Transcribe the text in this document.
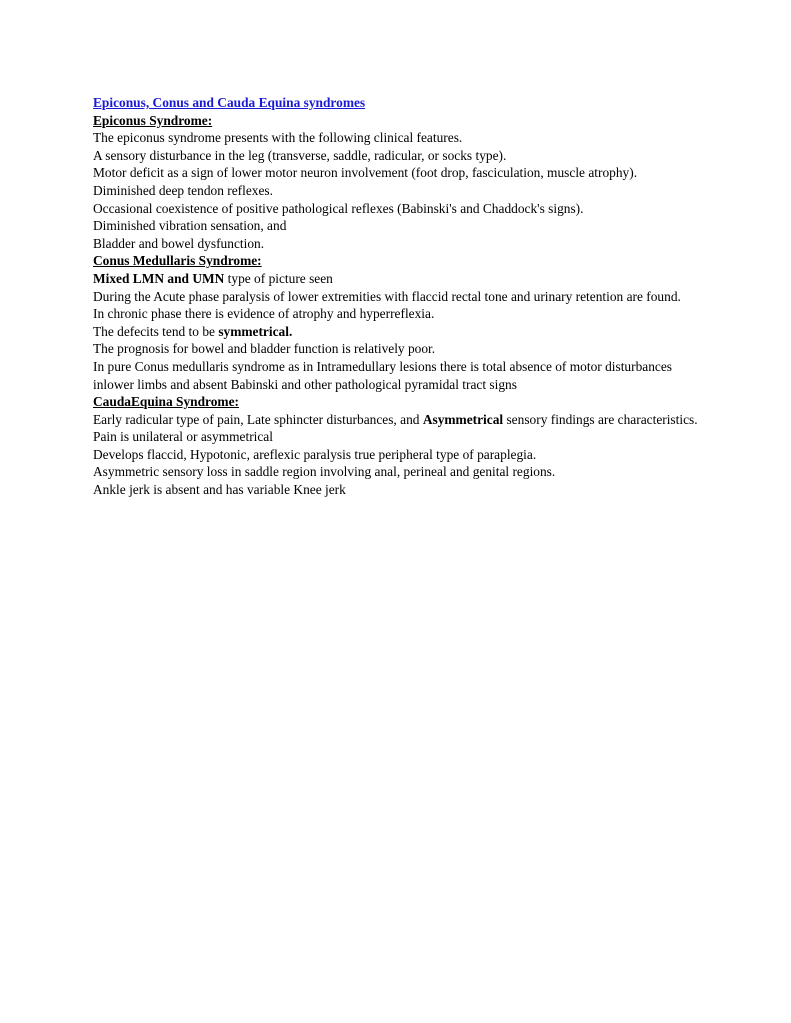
Epiconus, Conus and Cauda Equina syndromes
Epiconus Syndrome:
The epiconus syndrome presents with the following clinical features.
A sensory disturbance in the leg (transverse, saddle, radicular, or socks type).
Motor deficit as a sign of lower motor neuron involvement (foot drop, fasciculation, muscle atrophy).
Diminished deep tendon reflexes.
Occasional coexistence of positive pathological reflexes (Babinski's and Chaddock's signs).
Diminished vibration sensation, and
Bladder and bowel dysfunction.
Conus Medullaris Syndrome:
Mixed LMN and UMN type of picture seen
During the Acute phase paralysis of lower extremities with flaccid rectal tone and urinary retention are found.
In chronic phase there is evidence of atrophy and hyperreflexia.
The defecits tend to be symmetrical.
The prognosis for bowel and bladder function is relatively poor.
In pure Conus medullaris syndrome as in Intramedullary lesions there is total absence of motor disturbances inlower limbs and absent Babinski and other pathological pyramidal tract signs
CaudaEquina Syndrome:
Early radicular type of pain, Late sphincter disturbances, and Asymmetrical sensory findings are characteristics.
Pain is unilateral or asymmetrical
Develops flaccid, Hypotonic, areflexic paralysis true peripheral type of paraplegia.
Asymmetric sensory loss in saddle region involving anal, perineal and genital regions.
Ankle jerk is absent and has variable Knee jerk
